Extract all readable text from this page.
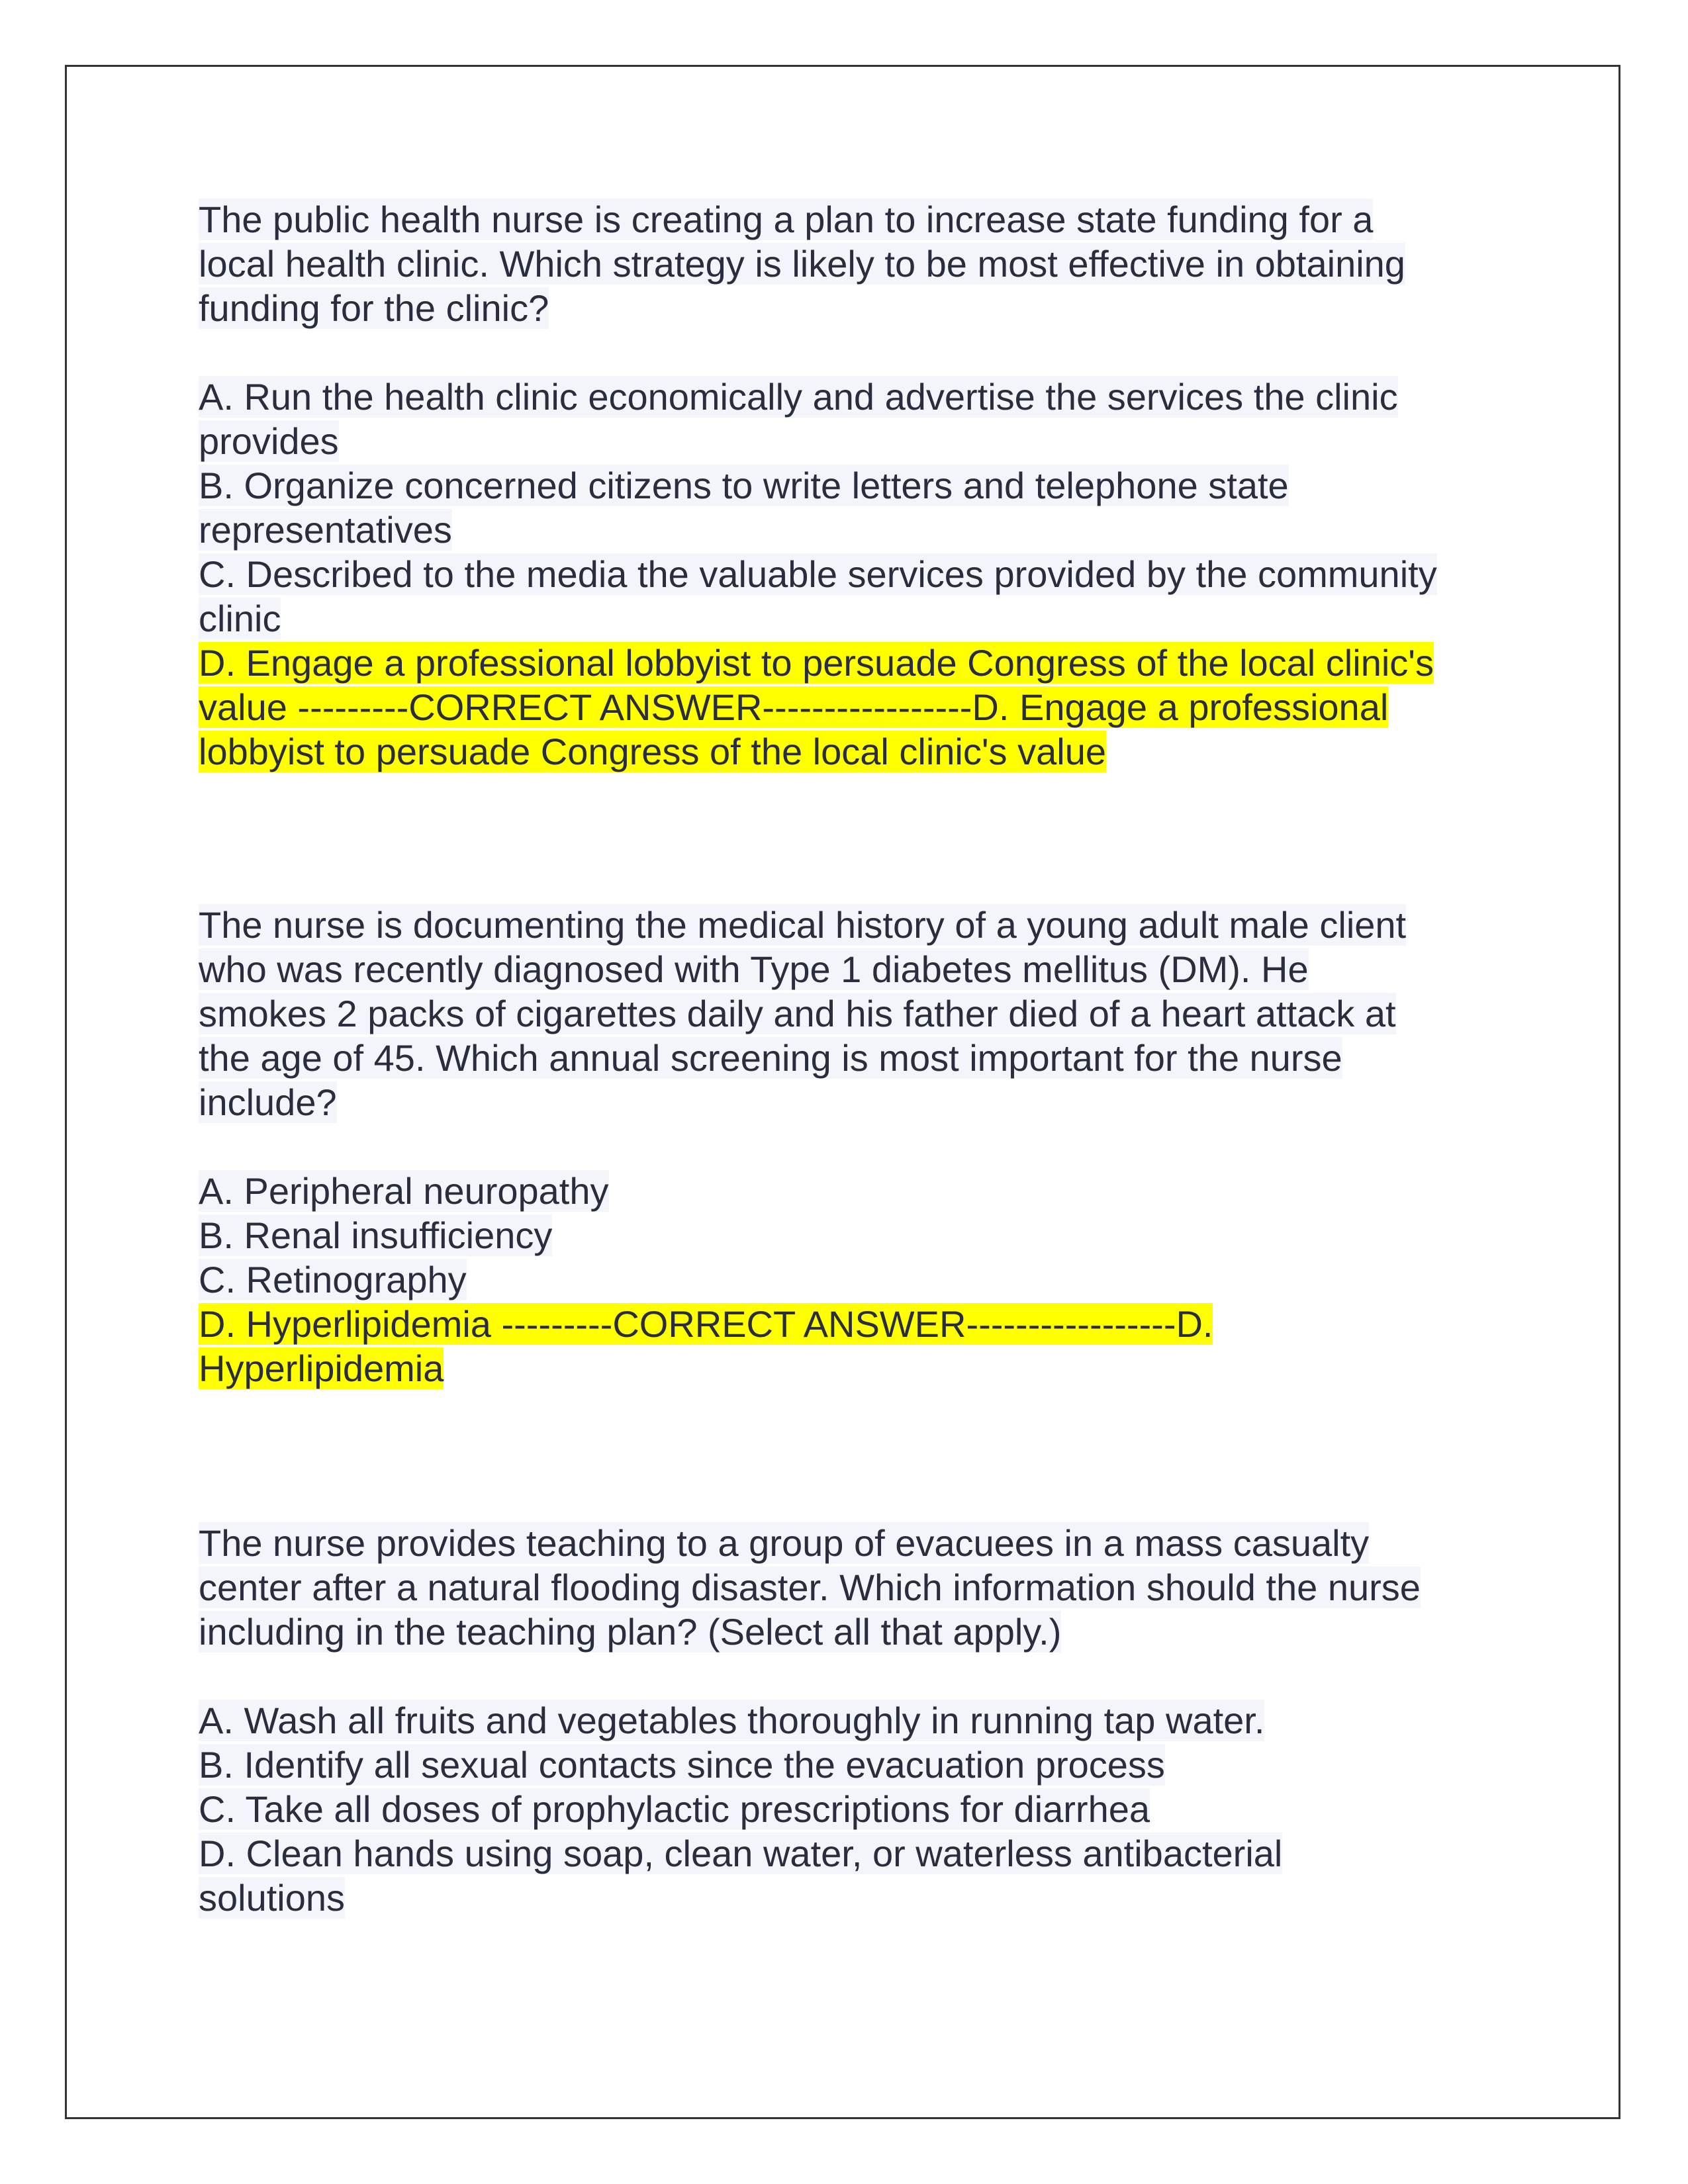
The public health nurse is creating a plan to increase state funding for a
local health clinic. Which strategy is likely to be most effective in obtaining
funding for the clinic?
A. Run the health clinic economically and advertise the services the clinic
provides
B. Organize concerned citizens to write letters and telephone state
representatives
C. Described to the media the valuable services provided by the community
clinic
D. Engage a professional lobbyist to persuade Congress of the local clinic's
value ---------CORRECT ANSWER-----------------D. Engage a professional
lobbyist to persuade Congress of the local clinic's value
The nurse is documenting the medical history of a young adult male client
who was recently diagnosed with Type 1 diabetes mellitus (DM). He
smokes 2 packs of cigarettes daily and his father died of a heart attack at
the age of 45. Which annual screening is most important for the nurse
include?
A. Peripheral neuropathy
B. Renal insufficiency
C. Retinography
D. Hyperlipidemia ---------CORRECT ANSWER-----------------D.
Hyperlipidemia
The nurse provides teaching to a group of evacuees in a mass casualty
center after a natural flooding disaster. Which information should the nurse
including in the teaching plan? (Select all that apply.)
A. Wash all fruits and vegetables thoroughly in running tap water.
B. Identify all sexual contacts since the evacuation process
C. Take all doses of prophylactic prescriptions for diarrhea
D. Clean hands using soap, clean water, or waterless antibacterial
solutions
